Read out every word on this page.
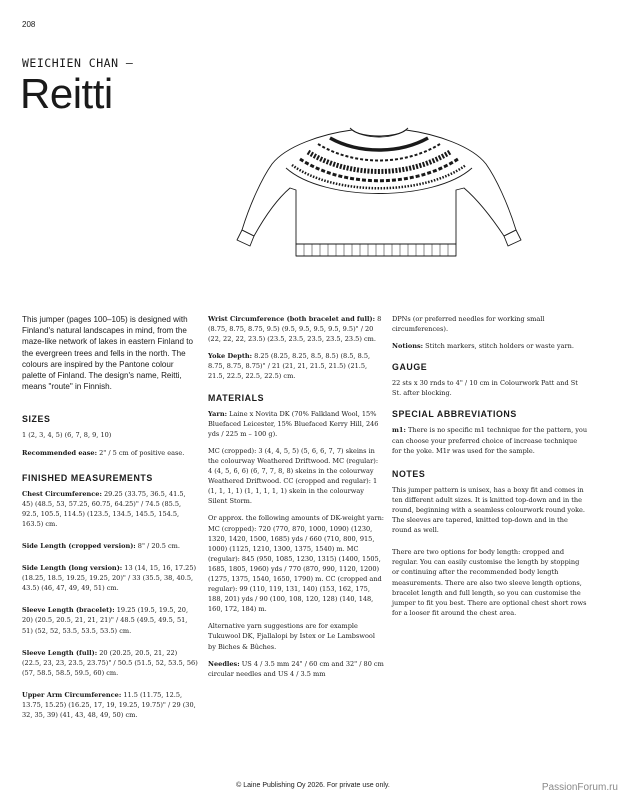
208
WEICHIEN CHAN —
Reitti

This jumper (pages 100–105) is designed with Finland's natural landscapes in mind, from the maze-like network of lakes in eastern Finland to the evergreen trees and fells in the north. The colours are inspired by the Pantone colour palette of Finland. The design's name, Reitti, means "route" in Finnish.

SIZES

1 (2, 3, 4, 5) (6, 7, 8, 9, 10)

Recommended ease: 2" / 5 cm of positive ease.

FINISHED MEASUREMENTS

Chest Circumference: 29.25 (33.75, 36.5, 41.5, 45) (48.5, 53, 57.25, 60.75, 64.25)" / 74.5 (85.5, 92.5, 105.5, 114.5) (123.5, 134.5, 145.5, 154.5, 163.5) cm.

Side Length (cropped version): 8" / 20.5 cm.

Side Length (long version): 13 (14, 15, 16, 17.25) (18.25, 18.5, 19.25, 19.25, 20)" / 33 (35.5, 38, 40.5, 43.5) (46, 47, 49, 49, 51) cm.

Sleeve Length (bracelet): 19.25 (19.5, 19.5, 20, 20) (20.5, 20.5, 21, 21, 21)" / 48.5 (49.5, 49.5, 51, 51) (52, 52, 53.5, 53.5, 53.5) cm.

Sleeve Length (full): 20 (20.25, 20.5, 21, 22) (22.5, 23, 23, 23.5, 23.75)" / 50.5 (51.5, 52, 53.5, 56) (57, 58.5, 58.5, 59.5, 60) cm.

Upper Arm Circumference: 11.5 (11.75, 12.5, 13.75, 15.25) (16.25, 17, 19, 19.25, 19.75)" / 29 (30, 32, 35, 39) (41, 43, 48, 49, 50) cm.

Wrist Circumference (both bracelet and full): 8 (8.75, 8.75, 8.75, 9.5) (9.5, 9.5, 9.5, 9.5, 9.5)" / 20 (22, 22, 22, 23.5) (23.5, 23.5, 23.5, 23.5, 23.5) cm.

Yoke Depth: 8.25 (8.25, 8.25, 8.5, 8.5) (8.5, 8.5, 8.75, 8.75, 8.75)" / 21 (21, 21, 21.5, 21.5) (21.5, 21.5, 22.5, 22.5, 22.5) cm.

MATERIALS

Yarn: Laine x Novita DK (70% Falkland Wool, 15% Bluefaced Leicester, 15% Bluefaced Kerry Hill, 246 yds / 225 m – 100 g).

MC (cropped): 3 (4, 4, 5, 5) (5, 6, 6, 7, 7) skeins in the colourway Weathered Driftwood. MC (regular): 4 (4, 5, 6, 6) (6, 7, 7, 8, 8) skeins in the colourway Weathered Driftwood. CC (cropped and regular): 1 (1, 1, 1, 1) (1, 1, 1, 1, 1) skein in the colourway Silent Storm.

Or approx. the following amounts of DK-weight yarn: MC (cropped): 720 (770, 870, 1000, 1090) (1230, 1320, 1420, 1500, 1685) yds / 660 (710, 800, 915, 1000) (1125, 1210, 1300, 1375, 1540) m. MC (regular): 845 (950, 1085, 1230, 1315) (1400, 1505, 1685, 1805, 1960) yds / 770 (870, 990, 1120, 1200) (1275, 1375, 1540, 1650, 1790) m. CC (cropped and regular): 99 (110, 119, 131, 140) (153, 162, 175, 188, 201) yds / 90 (100, 108, 120, 128) (140, 148, 160, 172, 184) m.

Alternative yarn suggestions are for example Tukuwool DK, Fjallalopi by Istex or Le Lambswool by Biches & Bûches.

Needles: US 4 / 3.5 mm 24" / 60 cm and 32" / 80 cm circular needles and US 4 / 3.5 mm

DPNs (or preferred needles for working small circumferences).

Notions: Stitch markers, stitch holders or waste yarn.

GAUGE

22 sts x 30 rnds to 4" / 10 cm in Colourwork Patt and St St. after blocking.

SPECIAL ABBREVIATIONS

m1: There is no specific m1 technique for the pattern, you can choose your preferred choice of increase technique for the yoke. M1r was used for the sample.

NOTES

This jumper pattern is unisex, has a boxy fit and comes in ten different adult sizes. It is knitted top-down and in the round, beginning with a seamless colourwork round yoke. The sleeves are tapered, knitted top-down and in the round as well.

There are two options for body length: cropped and regular. You can easily customise the length by stopping or continuing after the recommended body length measurements. There are also two sleeve length options, bracelet length and full length, so you can customise the jumper to fit you best. There are optional chest short rows for a looser fit around the chest area.

© Laine Publishing Oy 2026. For private use only.	PassionForum.ru
